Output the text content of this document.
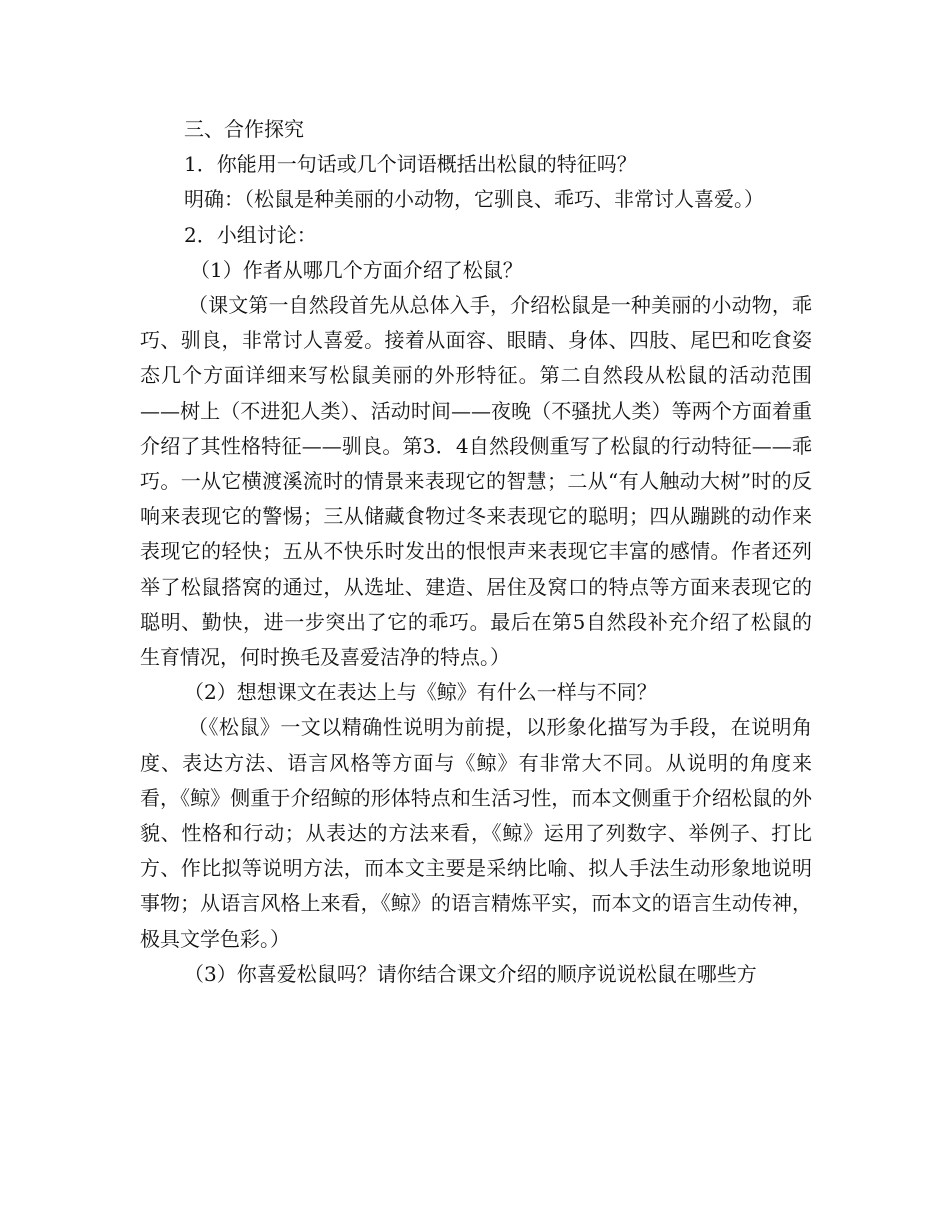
三、合作探究

1．你能用一句话或几个词语概括出松鼠的特征吗？

明确：（松鼠是种美丽的小动物，它驯良、乖巧、非常讨人喜爱。）

2．小组讨论：

（1）作者从哪几个方面介绍了松鼠？

（课文第一自然段首先从总体入手，介绍松鼠是一种美丽的小动物，乖巧、驯良，非常讨人喜爱。接着从面容、眼睛、身体、四肢、尾巴和吃食姿态几个方面详细来写松鼠美丽的外形特征。第二自然段从松鼠的活动范围——树上（不进犯人类）、活动时间——夜晚（不骚扰人类）等两个方面着重介绍了其性格特征——驯良。第3．4自然段侧重写了松鼠的行动特征——乖巧。一从它横渡溪流时的情景来表现它的智慧；二从“有人触动大树”时的反响来表现它的警惕；三从储藏食物过冬来表现它的聪明；四从蹦跳的动作来表现它的轻快；五从不快乐时发出的恨恨声来表现它丰富的感情。作者还列举了松鼠搭窝的通过，从选址、建造、居住及窝口的特点等方面来表现它的聪明、勤快，进一步突出了它的乖巧。最后在第5自然段补充介绍了松鼠的生育情况，何时换毛及喜爱洁净的特点。）

（2）想想课文在表达上与《鲸》有什么一样与不同？

（《松鼠》一文以精确性说明为前提，以形象化描写为手段，在说明角度、表达方法、语言风格等方面与《鲸》有非常大不同。从说明的角度来看，《鲸》侧重于介绍鲸的形体特点和生活习性，而本文侧重于介绍松鼠的外貌、性格和行动；从表达的方法来看，《鲸》运用了列数字、举例子、打比方、作比拟等说明方法，而本文主要是采纳比喻、拟人手法生动形象地说明事物；从语言风格上来看，《鲸》的语言精炼平实，而本文的语言生动传神，极具文学色彩。）

（3）你喜爱松鼠吗？请你结合课文介绍的顺序说说松鼠在哪些方
